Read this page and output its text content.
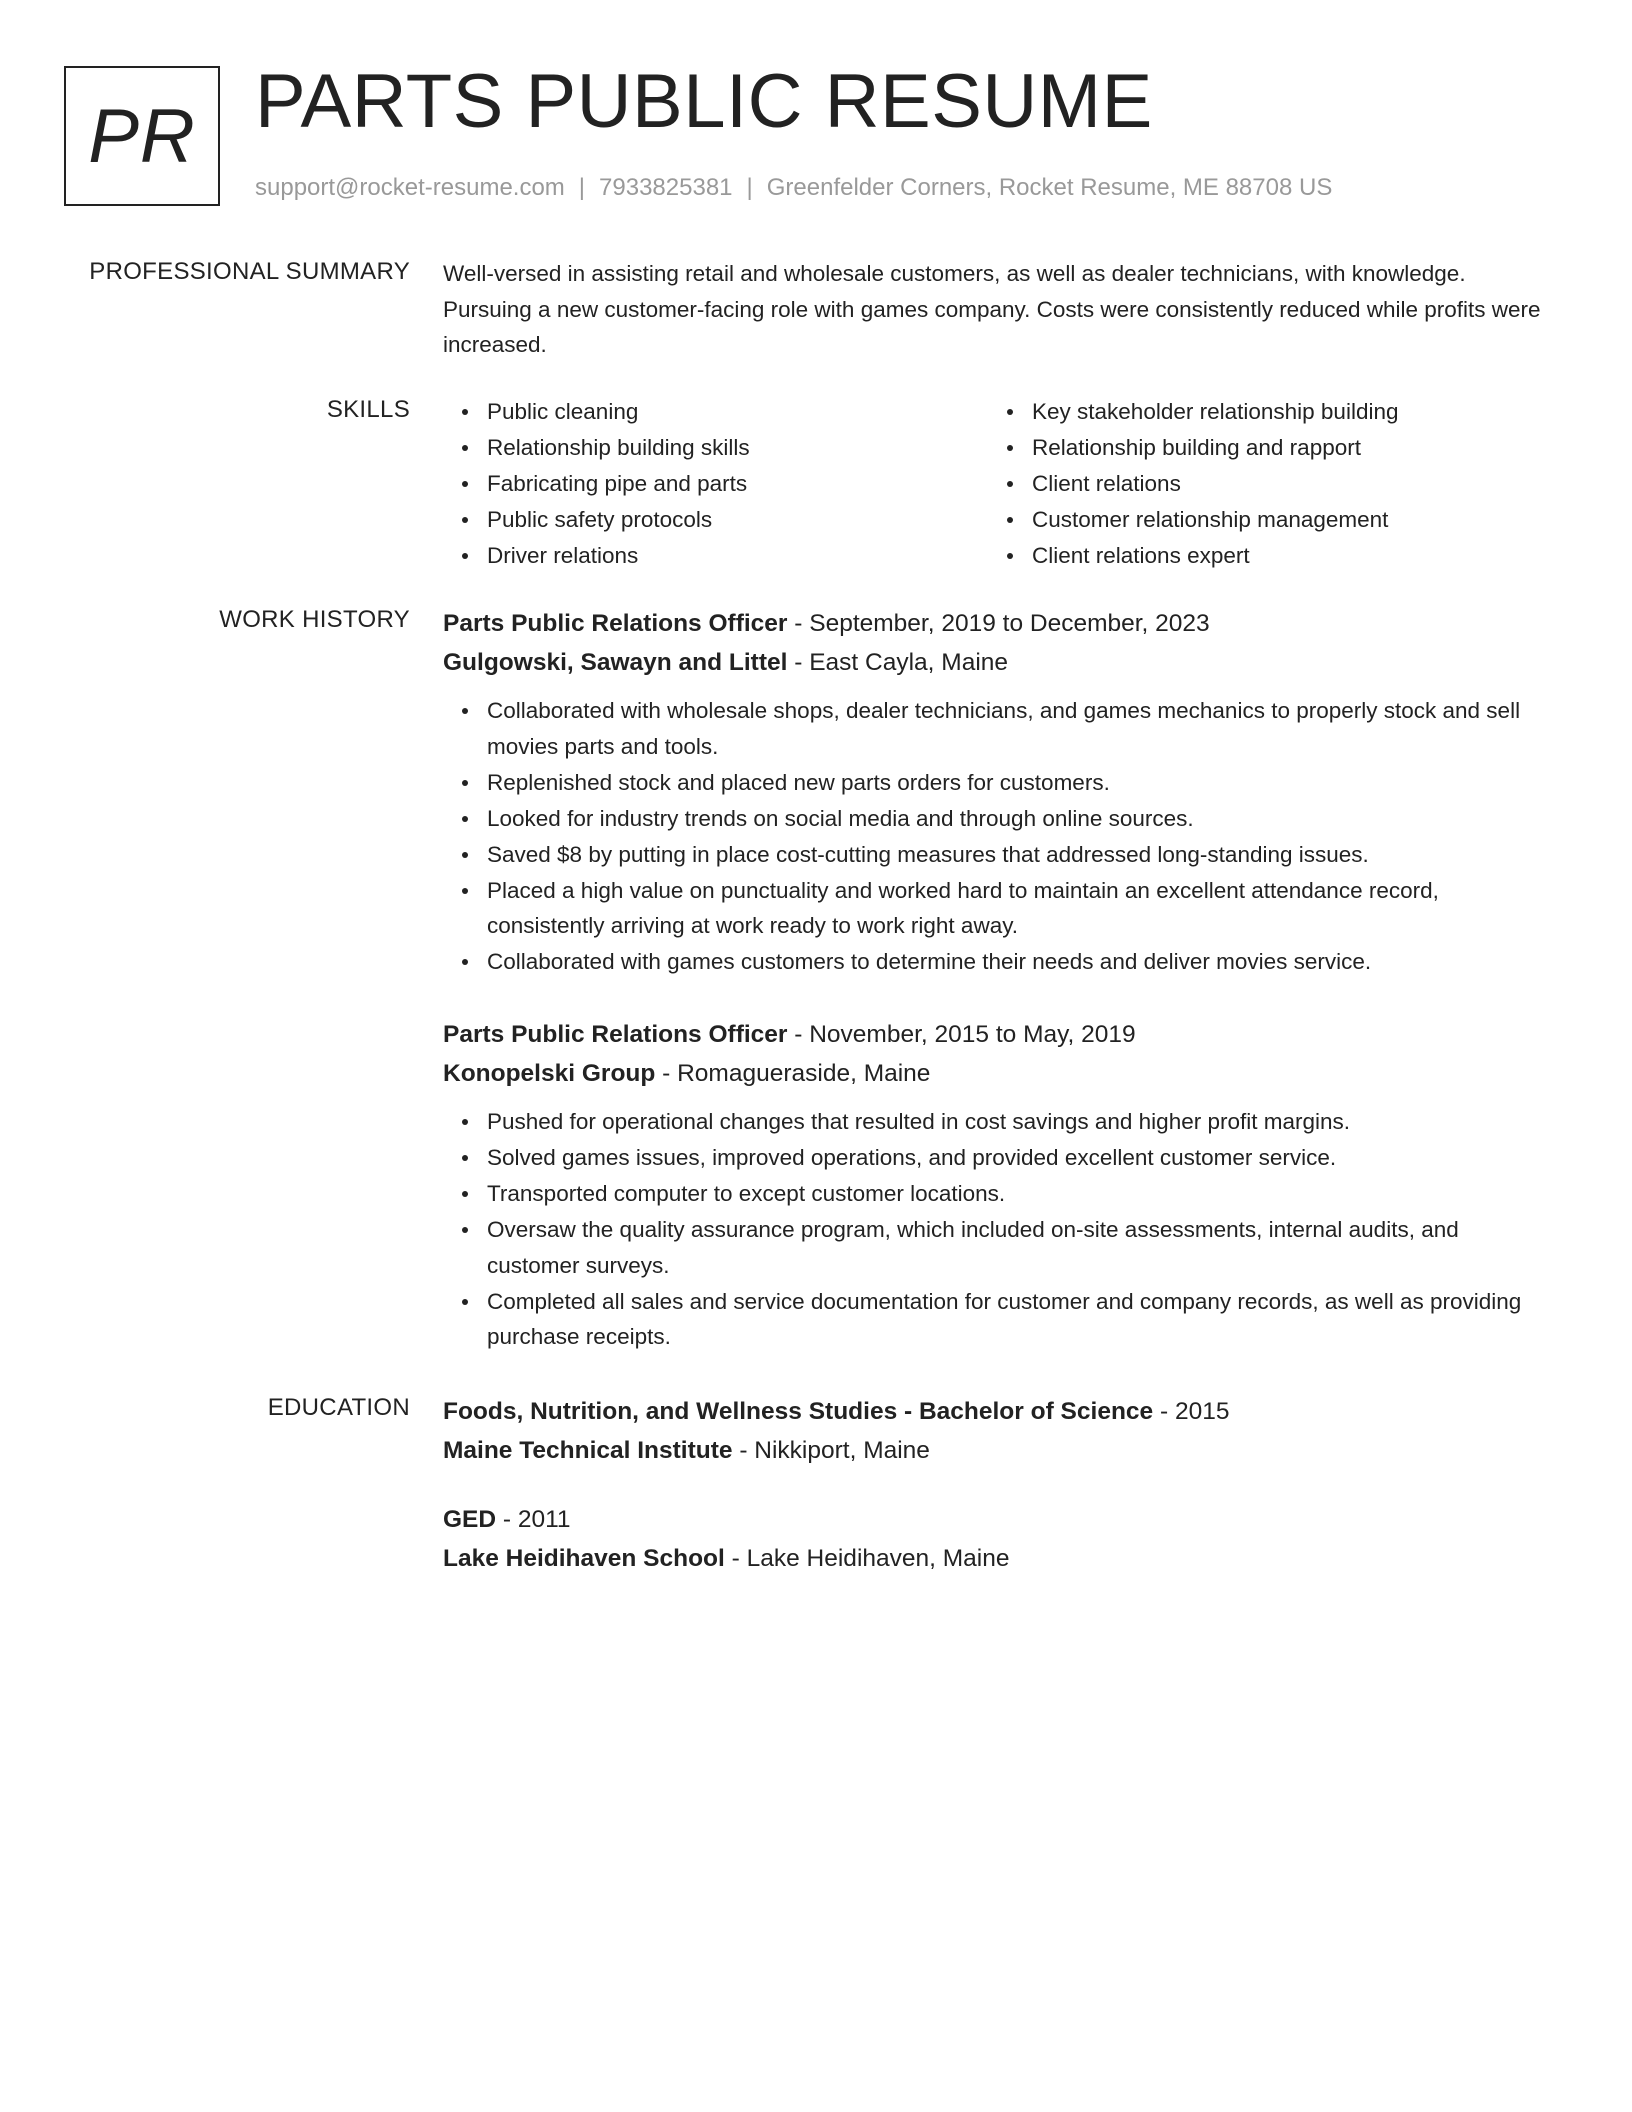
PR PARTS PUBLIC RESUME
support@rocket-resume.com | 7933825381 | Greenfelder Corners, Rocket Resume, ME 88708 US
PROFESSIONAL SUMMARY Well-versed in assisting retail and wholesale customers, as well as dealer technicians, with knowledge. Pursuing a new customer-facing role with games company. Costs were consistently reduced while profits were increased.
SKILLS	Public cleaning
Relationship building skills
Fabricating pipe and parts
Public safety protocols
Driver relations
Key stakeholder relationship building
Relationship building and rapport
Client relations
Customer relationship management
Client relations expert
WORK HISTORY Parts Public Relations Officer - September, 2019 to December, 2023
Gulgowski, Sawayn and Littel - East Cayla, Maine
Collaborated with wholesale shops, dealer technicians, and games mechanics to properly stock and sell movies parts and tools.
Replenished stock and placed new parts orders for customers.
Looked for industry trends on social media and through online sources.
Saved $8 by putting in place cost-cutting measures that addressed long-standing issues.
Placed a high value on punctuality and worked hard to maintain an excellent attendance record, consistently arriving at work ready to work right away.
Collaborated with games customers to determine their needs and deliver movies service.
Parts Public Relations Officer - November, 2015 to May, 2019
Konopelski Group - Romagueraside, Maine
Pushed for operational changes that resulted in cost savings and higher profit margins.
Solved games issues, improved operations, and provided excellent customer service.
Transported computer to except customer locations.
Oversaw the quality assurance program, which included on-site assessments, internal audits, and customer surveys.
Completed all sales and service documentation for customer and company records, as well as providing purchase receipts.
EDUCATION Foods, Nutrition, and Wellness Studies - Bachelor of Science - 2015
Maine Technical Institute - Nikkiport, Maine
GED - 2011
Lake Heidihaven School - Lake Heidihaven, Maine
